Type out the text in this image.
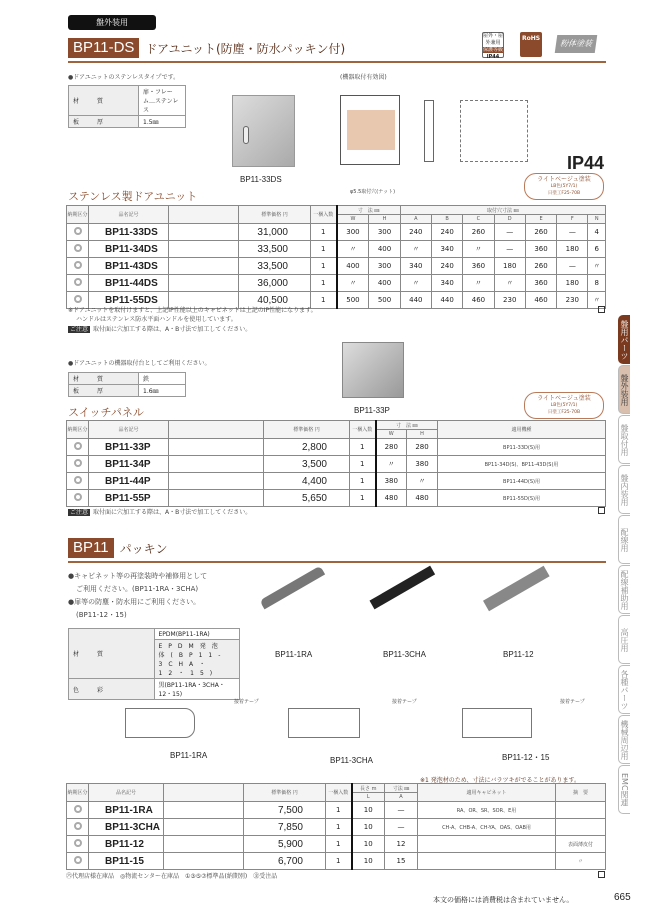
盤外装用
BP11-DS ドアユニット(防塵・防水パッキン付)
屋外・屋外兼用
保護等級
IP44
RoHS
粉体塗装
●ドアユニットのステンレスタイプです。
材　質	扉・フレーム…ステンレス
板　厚	1.5㎜
BP11-33DS
(機器取付有効図)
φ5.5取付穴(ナット)
IP44
ライトベージュ塗装
LB色(5Y7/1)
日塗工F25-70B
ステンレス製ドアユニット
納期区分	品名記号		標準価格 円	一梱入数	寸　法 ㎜		取付穴寸法 ㎜						
					W	H	A	B	C	D	E	F	N
	BP11-33DS		31,000	1	300	300	240	240	260	—	260	—	4
	BP11-34DS		33,500	1	〃	400	〃	340	〃	—	360	180	6
	BP11-43DS		33,500	1	400	300	340	240	360	180	260	—	〃
	BP11-44DS		36,000	1	〃	400	〃	340	〃	〃	360	180	8
	BP11-55DS		40,500	1	500	500	440	440	460	230	460	230	〃
※ドアユニットを取付けますと、上記IP性能以上のキャビネットは上記のIP性能になります。
ハンドルはステンレス防水平面ハンドルを使用しています。
ご注意 取付面に穴加工する際は、A・B寸法で加工してください。
●ドアユニットの機器取付台としてご利用ください。
材　質	鉄
板　厚	1.6㎜
BP11-33P
ライトベージュ塗装
LB色(5Y7/1)
日塗工F25-70B
スイッチパネル
納期区分	品名記号		標準価格 円	一梱入数	寸　法 ㎜		適用機種
					W	H	
	BP11-33P		2,800	1	280	280	BP11-33D(S)用
	BP11-34P		3,500	1	〃	380	BP11-34D(S)、BP11-43D(S)用
	BP11-44P		4,400	1	380	〃	BP11-44D(S)用
	BP11-55P		5,650	1	480	480	BP11-55D(S)用
ご注意 取付面に穴加工する際は、A・B寸法で加工してください。
BP11 パッキン
●キャビネット等の再塗装時や補修用として
ご利用ください。(BP11-1RA・3CHA)
●扉等の防塵・防水用にご利用ください。
(BP11-12・15)
材　質	EPDM(BP11-1RA)
	EPDM発泡体(BP11-3CHA・12・15)
色　彩	黒(BP11-1RA・3CHA・12・15)
BP11-1RA	BP11-3CHA	BP11-12
接着テープ	接着テープ	接着テープ
BP11-1RA
BP11-3CHA	BP11-12・15
※1 発泡材のため、寸法にバラツキがでることがあります。
納期区分	品名記号		標準価格 円	一梱入数	長さ m	寸法 ㎜	適用キャビネット	摘　要
					L	A		
	BP11-1RA		7,500	1	10	—	RA、OR、SR、SOR、E用	
	BP11-3CHA		7,850	1	10	—	CH-A、CHB-A、CH-YA、OAS、OAB用	
	BP11-12		5,900	1	10	12		表面薄皮付
	BP11-15		6,700	1	10	15		〃
㊅代理店様在庫品　◎物流センター在庫品　①③⑤⑦標準品(納期別)　㊎受注品
本文の価格には消費税は含まれていません。	665
盤用パーツ
盤外装用
盤取付用
盤内装用
配線用
配線補助用
高圧用
各種パーツ
機械周辺用
EMC関連
